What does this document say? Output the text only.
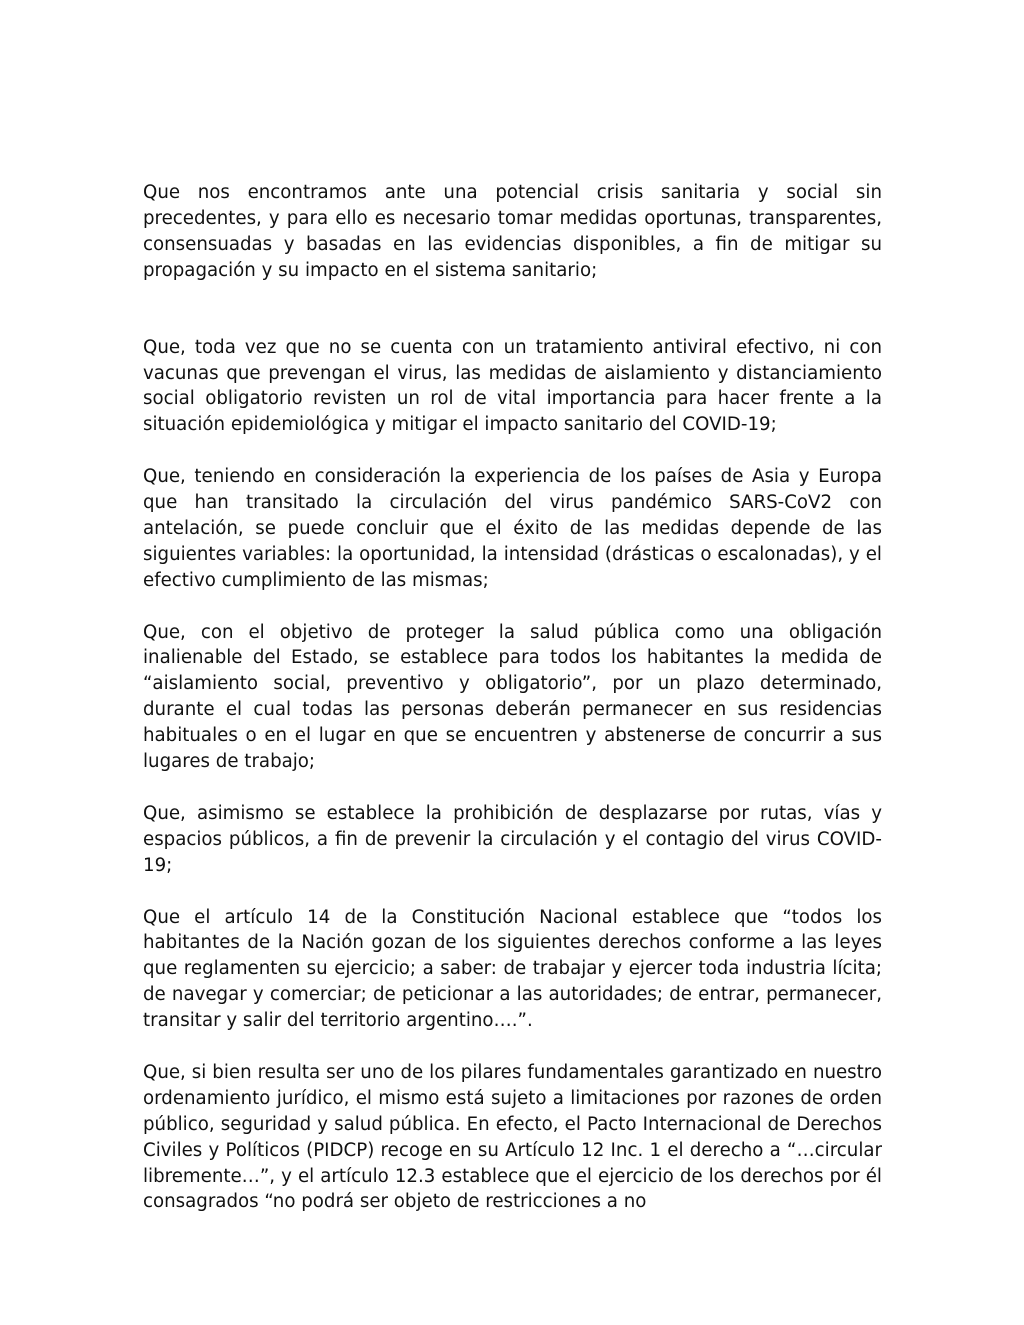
Que nos encontramos ante una potencial crisis sanitaria y social sin precedentes, y para ello es necesario tomar medidas oportunas, transparentes, consensuadas y basadas en las evidencias disponibles, a fin de mitigar su propagación y su impacto en el sistema sanitario;

Que, toda vez que no se cuenta con un tratamiento antiviral efectivo, ni con vacunas que prevengan el virus, las medidas de aislamiento y distanciamiento social obligatorio revisten un rol de vital importancia para hacer frente a la situación epidemiológica y mitigar el impacto sanitario del COVID-19;

Que, teniendo en consideración la experiencia de los países de Asia y Europa que han transitado la circulación del virus pandémico SARS-CoV2 con antelación, se puede concluir que el éxito de las medidas depende de las siguientes variables: la oportunidad, la intensidad (drásticas o escalonadas), y el efectivo cumplimiento de las mismas;

Que, con el objetivo de proteger la salud pública como una obligación inalienable del Estado, se establece para todos los habitantes la medida de “aislamiento social, preventivo y obligatorio”, por un plazo determinado, durante el cual todas las personas deberán permanecer en sus residencias habituales o en el lugar en que se encuentren y abstenerse de concurrir a sus lugares de trabajo;

Que, asimismo se establece la prohibición de desplazarse por rutas, vías y espacios públicos, a fin de prevenir la circulación y el contagio del virus COVID-19;

Que el artículo 14 de la Constitución Nacional establece que “todos los habitantes de la Nación gozan de los siguientes derechos conforme a las leyes que reglamenten su ejercicio; a saber: de trabajar y ejercer toda industria lícita; de navegar y comerciar; de peticionar a las autoridades; de entrar, permanecer, transitar y salir del territorio argentino….”.

Que, si bien resulta ser uno de los pilares fundamentales garantizado en nuestro ordenamiento jurídico, el mismo está sujeto a limitaciones por razones de orden público, seguridad y salud pública. En efecto, el Pacto Internacional de Derechos Civiles y Políticos (PIDCP) recoge en su Artículo 12 Inc. 1 el derecho a “…circular libremente…”, y el artículo 12.3 establece que el ejercicio de los derechos por él consagrados “no podrá ser objeto de restricciones a no
